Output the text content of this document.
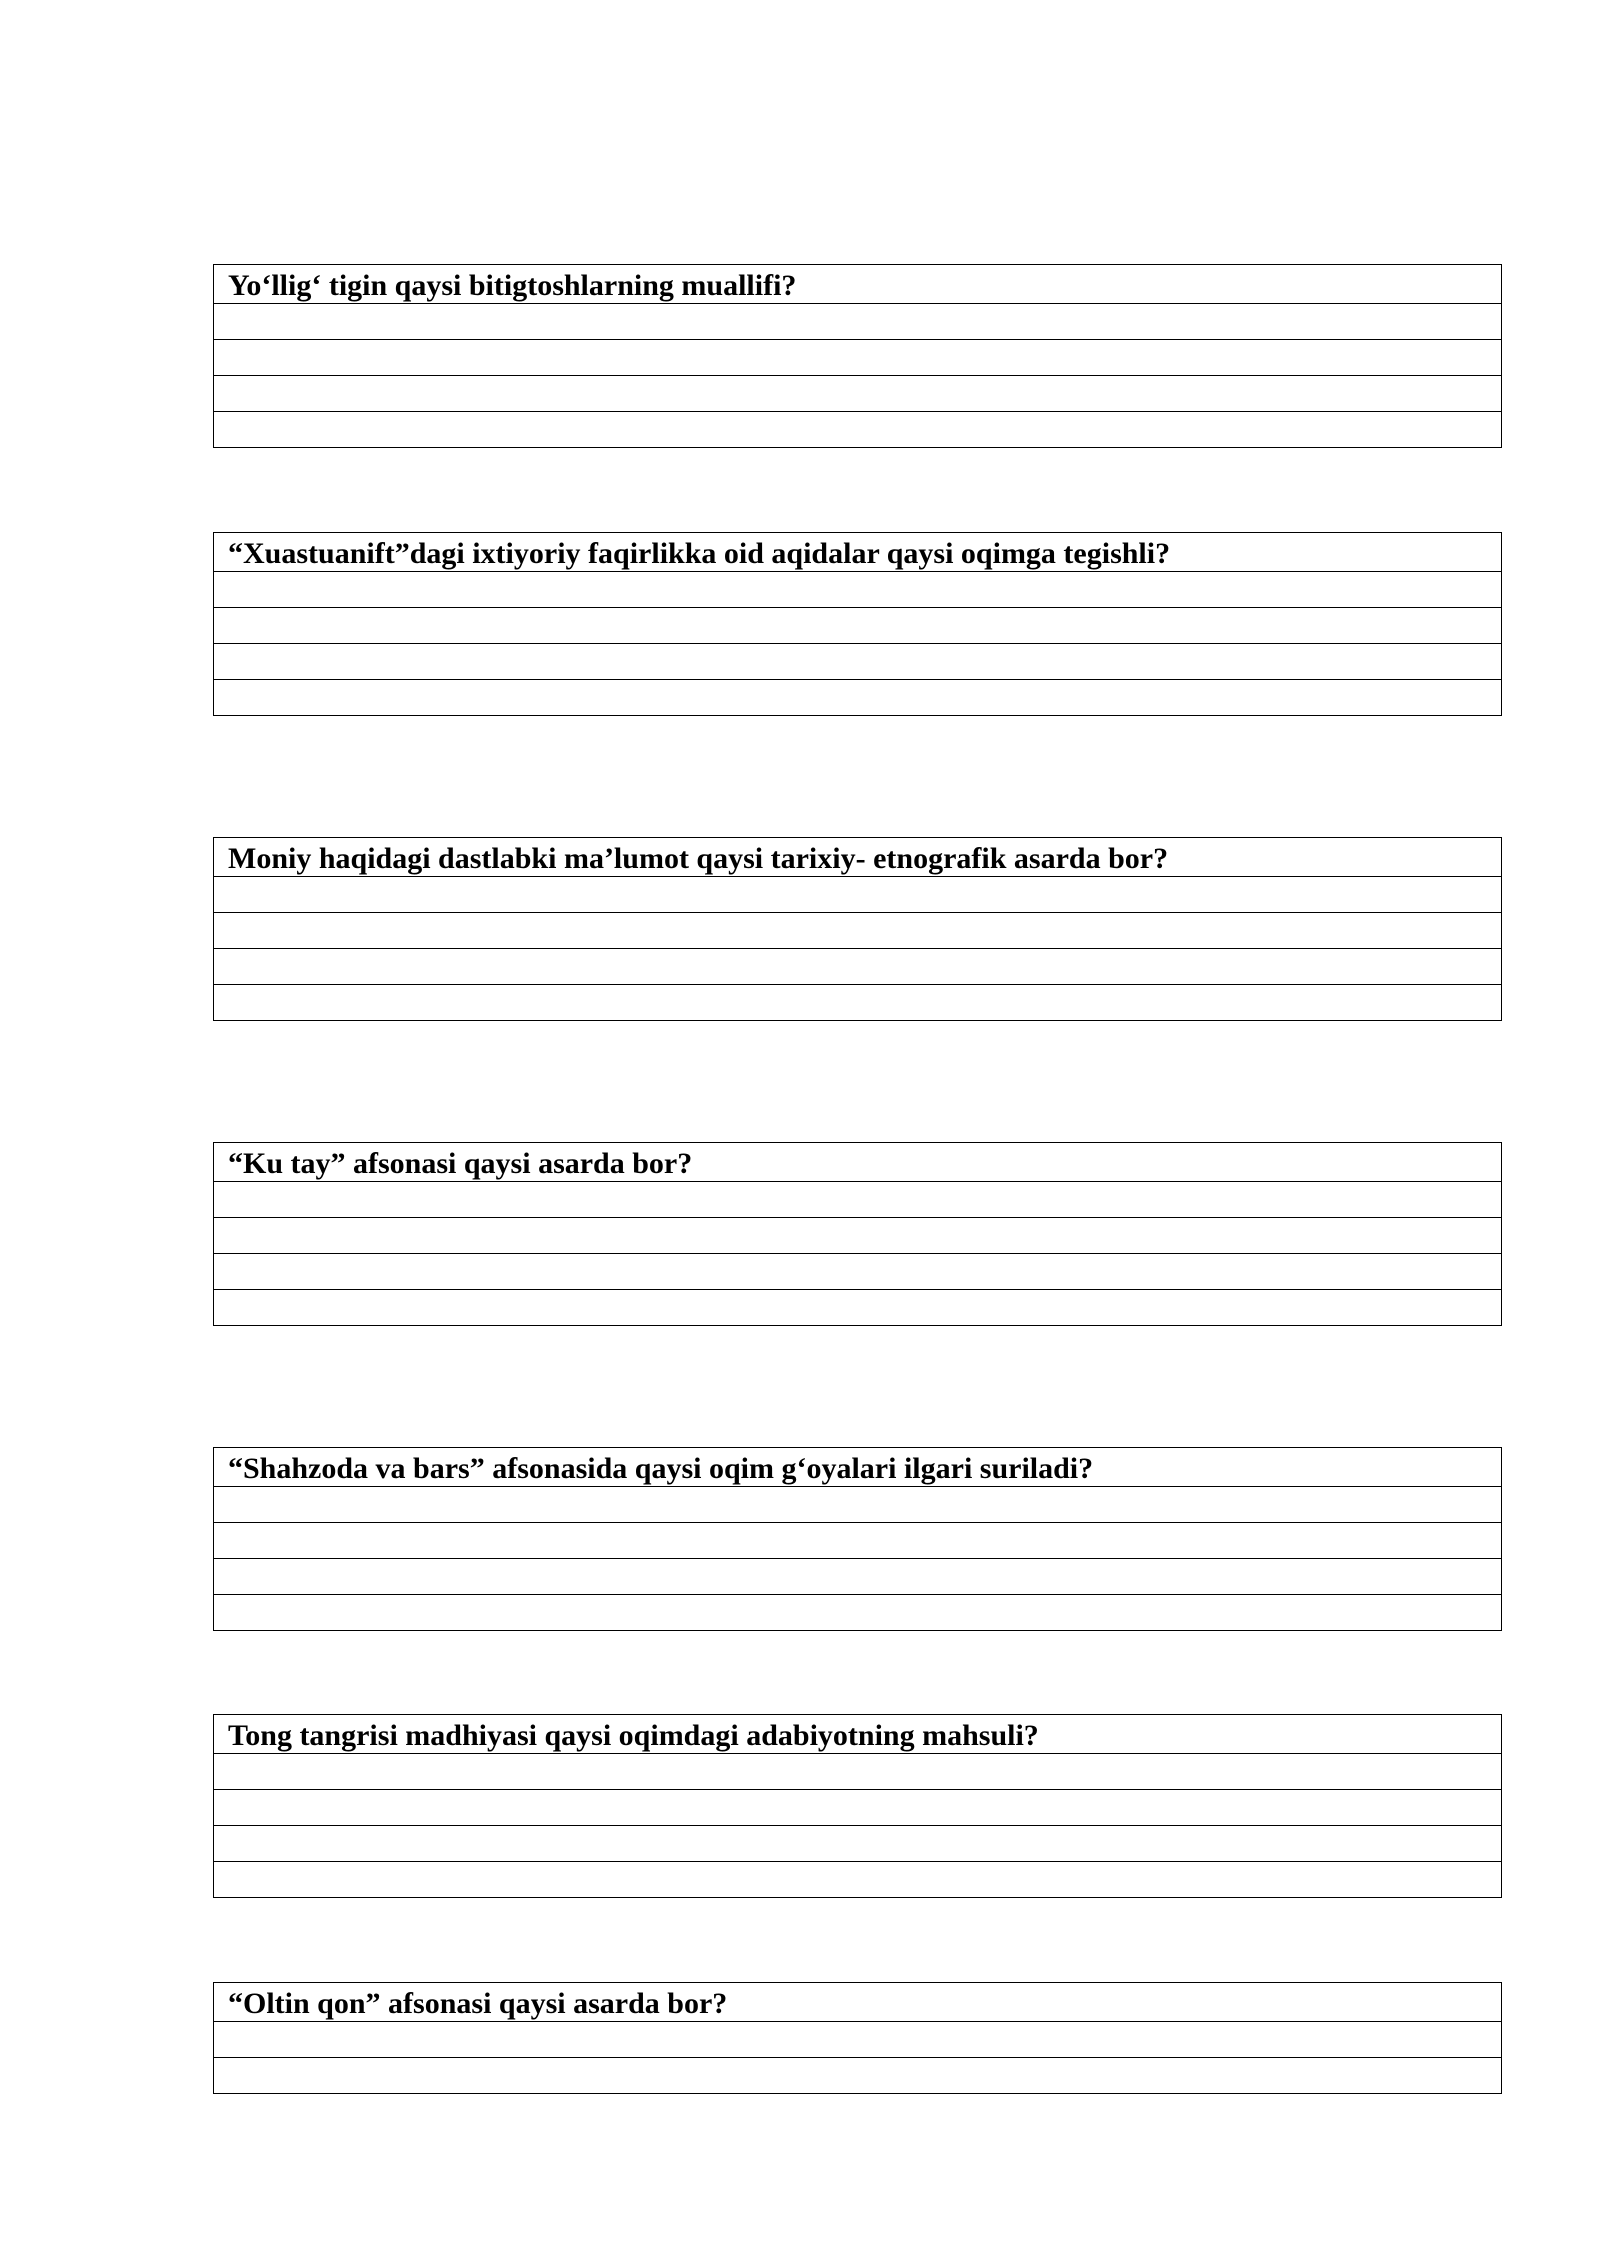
Yo‘llig‘ tigin qaysi bitigtoshlarning muallifi?

“Xuastuanift”dagi ixtiyoriy faqirlikka oid aqidalar qaysi oqimga tegishli?

Moniy haqidagi dastlabki ma’lumot qaysi tarixiy- etnografik asarda bor?

“Ku tay” afsonasi qaysi asarda bor?

“Shahzoda va bars” afsonasida qaysi oqim g‘oyalari ilgari suriladi?

Tong tangrisi madhiyasi qaysi oqimdagi adabiyotning mahsuli?

“Oltin qon” afsonasi qaysi asarda bor?
